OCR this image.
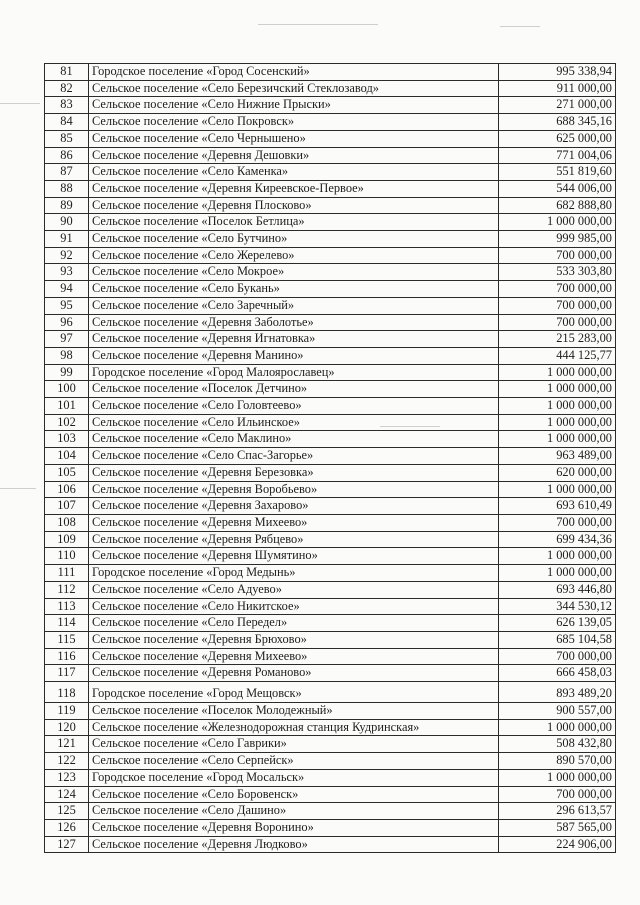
81	Городское поселение «Город Сосенский»	995 338,94
82	Сельское поселение «Село Березичский Стеклозавод»	911 000,00
83	Сельское поселение «Село Нижние Прыски»	271 000,00
84	Сельское поселение «Село Покровск»	688 345,16
85	Сельское поселение «Село Чернышено»	625 000,00
86	Сельское поселение «Деревня Дешовки»	771 004,06
87	Сельское поселение «Село Каменка»	551 819,60
88	Сельское поселение «Деревня Киреевское-Первое»	544 006,00
89	Сельское поселение «Деревня Плосково»	682 888,80
90	Сельское поселение «Поселок Бетлица»	1 000 000,00
91	Сельское поселение «Село Бутчино»	999 985,00
92	Сельское поселение «Село Жерелево»	700 000,00
93	Сельское поселение «Село Мокрое»	533 303,80
94	Сельское поселение «Село Букань»	700 000,00
95	Сельское поселение «Село Заречный»	700 000,00
96	Сельское поселение «Деревня Заболотье»	700 000,00
97	Сельское поселение «Деревня Игнатовка»	215 283,00
98	Сельское поселение «Деревня Манино»	444 125,77
99	Городское поселение «Город Малоярославец»	1 000 000,00
100	Сельское поселение «Поселок Детчино»	1 000 000,00
101	Сельское поселение «Село Головтеево»	1 000 000,00
102	Сельское поселение «Село Ильинское»	1 000 000,00
103	Сельское поселение «Село Маклино»	1 000 000,00
104	Сельское поселение «Село Спас-Загорье»	963 489,00
105	Сельское поселение «Деревня Березовка»	620 000,00
106	Сельское поселение «Деревня Воробьево»	1 000 000,00
107	Сельское поселение «Деревня Захарово»	693 610,49
108	Сельское поселение «Деревня Михеево»	700 000,00
109	Сельское поселение «Деревня Рябцево»	699 434,36
110	Сельское поселение «Деревня Шумятино»	1 000 000,00
111	Городское поселение «Город Медынь»	1 000 000,00
112	Сельское поселение «Село Адуево»	693 446,80
113	Сельское поселение «Село Никитское»	344 530,12
114	Сельское поселение «Село Передел»	626 139,05
115	Сельское поселение «Деревня Брюхово»	685 104,58
116	Сельское поселение «Деревня Михеево»	700 000,00
117	Сельское поселение «Деревня Романово»	666 458,03
118	Городское поселение «Город Мещовск»	893 489,20
119	Сельское поселение «Поселок Молодежный»	900 557,00
120	Сельское поселение «Железнодорожная станция Кудринская»	1 000 000,00
121	Сельское поселение «Село Гаврики»	508 432,80
122	Сельское поселение «Село Серпейск»	890 570,00
123	Городское поселение «Город Мосальск»	1 000 000,00
124	Сельское поселение «Село Боровенск»	700 000,00
125	Сельское поселение «Село Дашино»	296 613,57
126	Сельское поселение «Деревня Воронино»	587 565,00
127	Сельское поселение «Деревня Людково»	224 906,00
